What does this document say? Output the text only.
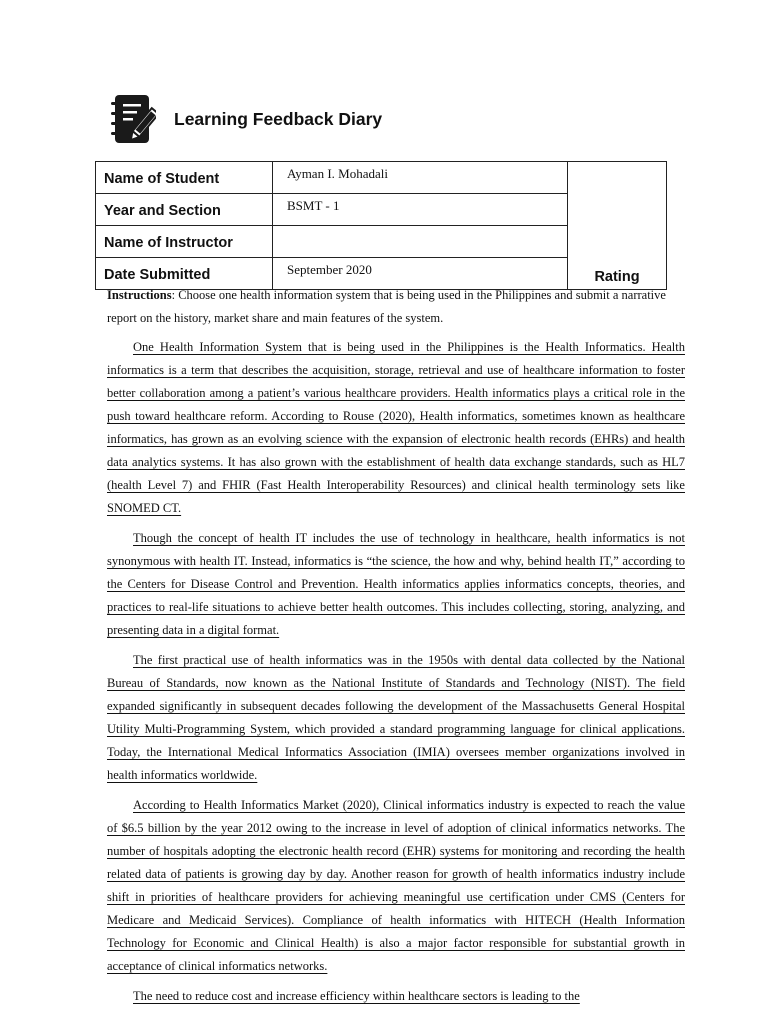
Learning Feedback Diary
Name of Student	Ayman I. Mohadali	Rating
Year and Section	BSMT - 1	
Name of Instructor		
Date Submitted	September 2020	

Instructions: Choose one health information system that is being used in the Philippines and submit a narrative report on the history, market share and main features of the system.

One Health Information System that is being used in the Philippines is the Health Informatics. Health informatics is a term that describes the acquisition, storage, retrieval and use of healthcare information to foster better collaboration among a patient’s various healthcare providers. Health informatics plays a critical role in the push toward healthcare reform. According to Rouse (2020), Health informatics, sometimes known as healthcare informatics, has grown as an evolving science with the expansion of electronic health records (EHRs) and health data analytics systems. It has also grown with the establishment of health data exchange standards, such as HL7 (health Level 7) and FHIR (Fast Health Interoperability Resources) and clinical health terminology sets like SNOMED CT.

Though the concept of health IT includes the use of technology in healthcare, health informatics is not synonymous with health IT. Instead, informatics is “the science, the how and why, behind health IT,” according to the Centers for Disease Control and Prevention. Health informatics applies informatics concepts, theories, and practices to real-life situations to achieve better health outcomes. This includes collecting, storing, analyzing, and presenting data in a digital format.

The first practical use of health informatics was in the 1950s with dental data collected by the National Bureau of Standards, now known as the National Institute of Standards and Technology (NIST). The field expanded significantly in subsequent decades following the development of the Massachusetts General Hospital Utility Multi-Programming System, which provided a standard programming language for clinical applications. Today, the International Medical Informatics Association (IMIA) oversees member organizations involved in health informatics worldwide.

According to Health Informatics Market (2020), Clinical informatics industry is expected to reach the value of $6.5 billion by the year 2012 owing to the increase in level of adoption of clinical informatics networks. The number of hospitals adopting the electronic health record (EHR) systems for monitoring and recording the health related data of patients is growing day by day. Another reason for growth of health informatics industry include shift in priorities of healthcare providers for achieving meaningful use certification under CMS (Centers for Medicare and Medicaid Services). Compliance of health informatics with HITECH (Health Information Technology for Economic and Clinical Health) is also a major factor responsible for substantial growth in acceptance of clinical informatics networks.

The need to reduce cost and increase efficiency within healthcare sectors is leading to the
